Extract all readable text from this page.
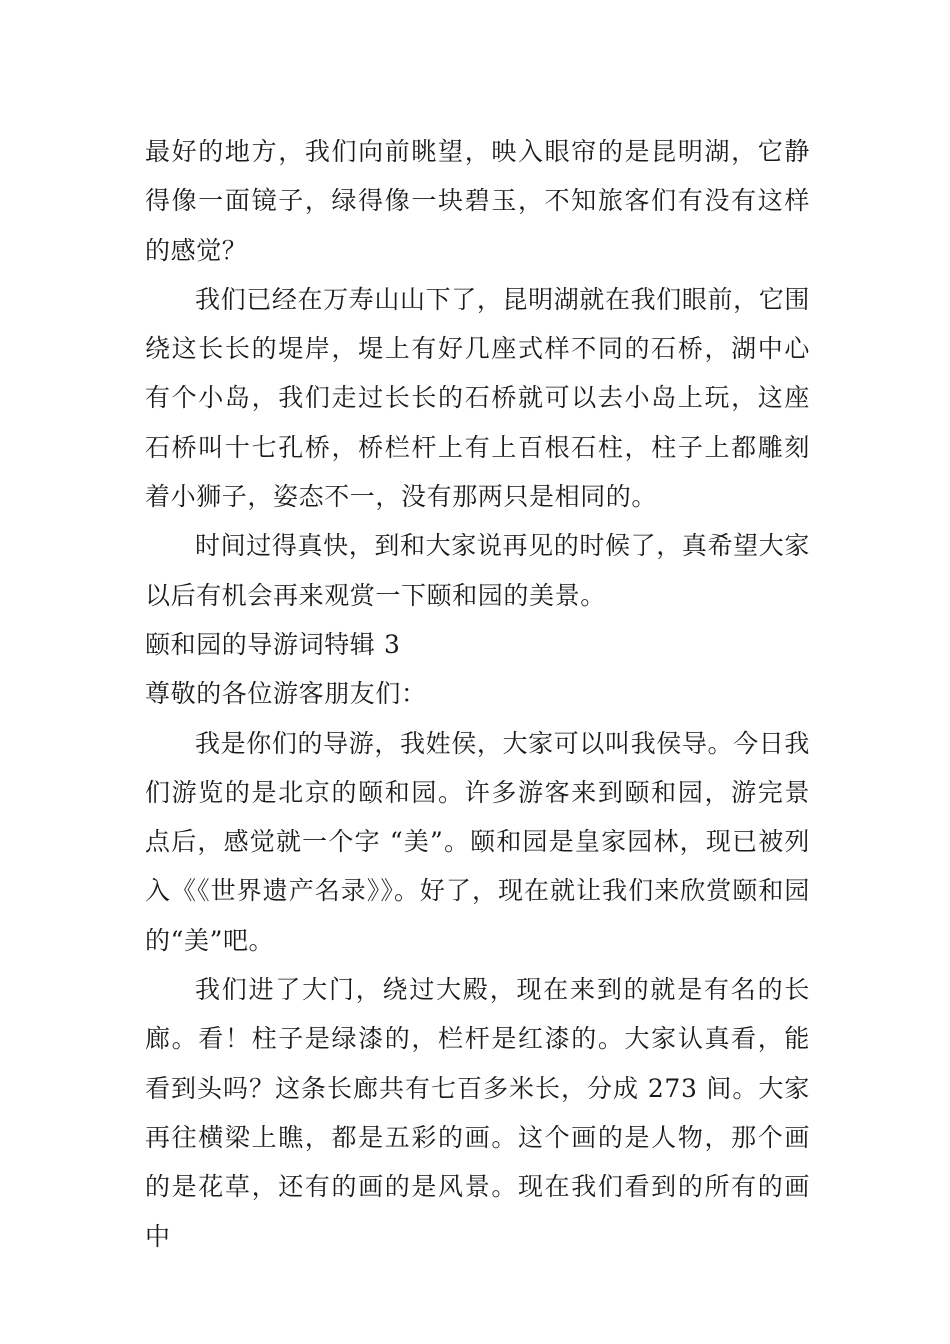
最好的地方，我们向前眺望，映入眼帘的是昆明湖，它静得像一面镜子，绿得像一块碧玉，不知旅客们有没有这样的感觉？

我们已经在万寿山山下了，昆明湖就在我们眼前，它围绕这长长的堤岸，堤上有好几座式样不同的石桥，湖中心有个小岛，我们走过长长的石桥就可以去小岛上玩，这座石桥叫十七孔桥，桥栏杆上有上百根石柱，柱子上都雕刻着小狮子，姿态不一，没有那两只是相同的。

时间过得真快，到和大家说再见的时候了，真希望大家以后有机会再来观赏一下颐和园的美景。

颐和园的导游词特辑 3

尊敬的各位游客朋友们：

我是你们的导游，我姓侯，大家可以叫我侯导。今日我们游览的是北京的颐和园。许多游客来到颐和园，游完景点后，感觉就一个字 “美”。颐和园是皇家园林，现已被列入《《世界遗产名录》》。好了，现在就让我们来欣赏颐和园的“美”吧。

我们进了大门，绕过大殿，现在来到的就是有名的长廊。看！柱子是绿漆的，栏杆是红漆的。大家认真看，能看到头吗？这条长廊共有七百多米长，分成 273 间。大家再往横梁上瞧，都是五彩的画。这个画的是人物，那个画的是花草，还有的画的是风景。现在我们看到的所有的画中
